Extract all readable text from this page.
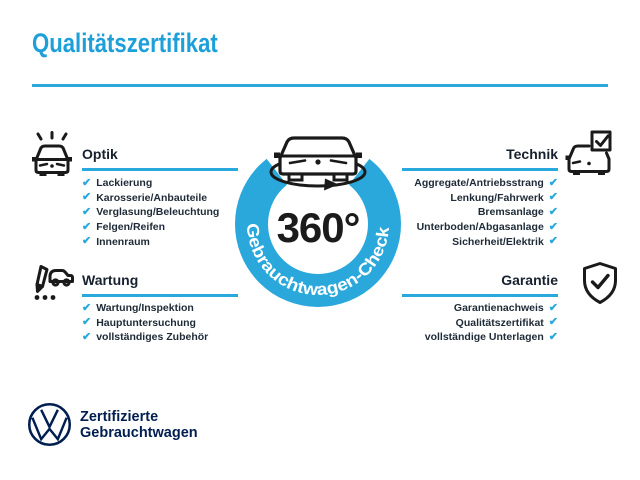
Qualitätszertifikat
Optik	Technik
Wartung	Garantie
✔ Lackierung
✔ Karosserie/Anbauteile
✔ Verglasung/Beleuchtung
✔ Felgen/Reifen
✔ Innenraum
Aggregate/Antriebsstrang ✔
Lenkung/Fahrwerk ✔
Bremsanlage ✔
Unterboden/Abgasanlage ✔
Sicherheit/Elektrik ✔
✔ Wartung/Inspektion
✔ Hauptuntersuchung
✔ vollständiges Zubehör
Garantienachweis ✔
Qualitätszertifikat ✔
vollständige Unterlagen ✔
Gebrauchtwagen-Check
360°
Zertifizierte
Gebrauchtwagen
